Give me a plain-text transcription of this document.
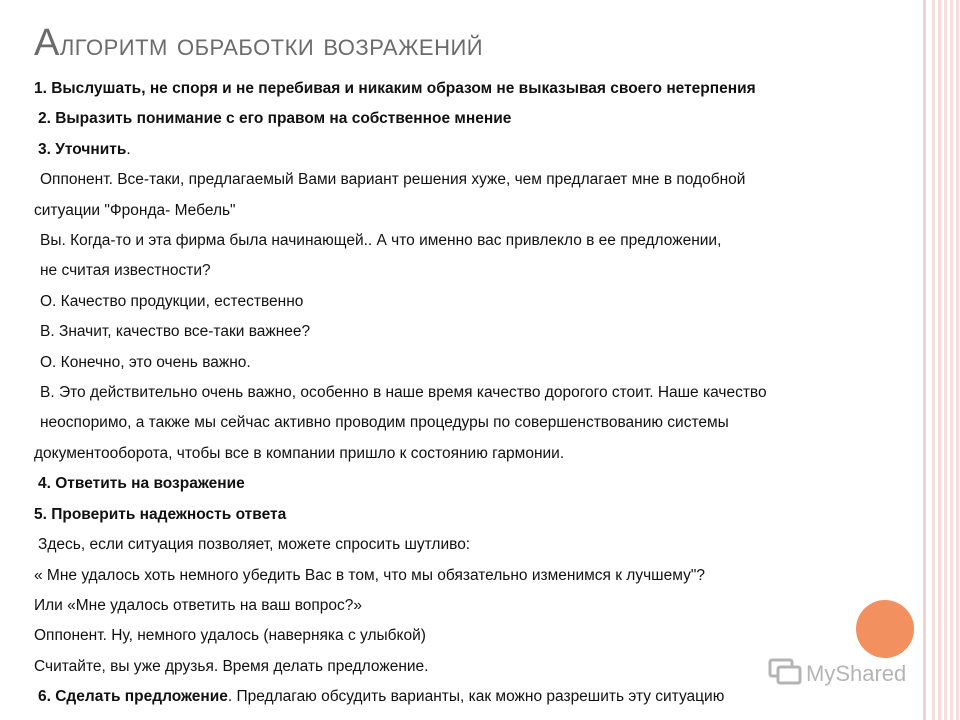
Алгоритм обработки возражений
1. Выслушать, не споря и не перебивая и никаким образом не выказывая своего нетерпения
2. Выразить понимание с его правом на собственное мнение
3. Уточнить.
Оппонент. Все-таки, предлагаемый Вами вариант решения хуже, чем предлагает мне в подобной
ситуации "Фронда- Мебель"
Вы. Когда-то и эта фирма была начинающей.. А что именно вас привлекло в ее предложении,
не считая известности?
О. Качество продукции, естественно
В. Значит, качество все-таки важнее?
О. Конечно, это очень важно.
В. Это действительно очень важно, особенно в наше время качество дорогого стоит. Наше качество
неоспоримо, а также мы сейчас активно проводим процедуры по совершенствованию системы
документооборота, чтобы все в компании пришло к состоянию гармонии.
4. Ответить на возражение
5. Проверить надежность ответа
Здесь, если ситуация позволяет, можете спросить шутливо:
« Мне удалось хоть немного убедить Вас в том, что мы обязательно изменимся к лучшему"?
Или «Мне удалось ответить на ваш вопрос?»
Оппонент. Ну, немного удалось (наверняка с улыбкой)
Считайте, вы уже друзья. Время делать предложение.
6. Сделать предложение. Предлагаю обсудить варианты, как можно разрешить эту ситуацию
MyShared
